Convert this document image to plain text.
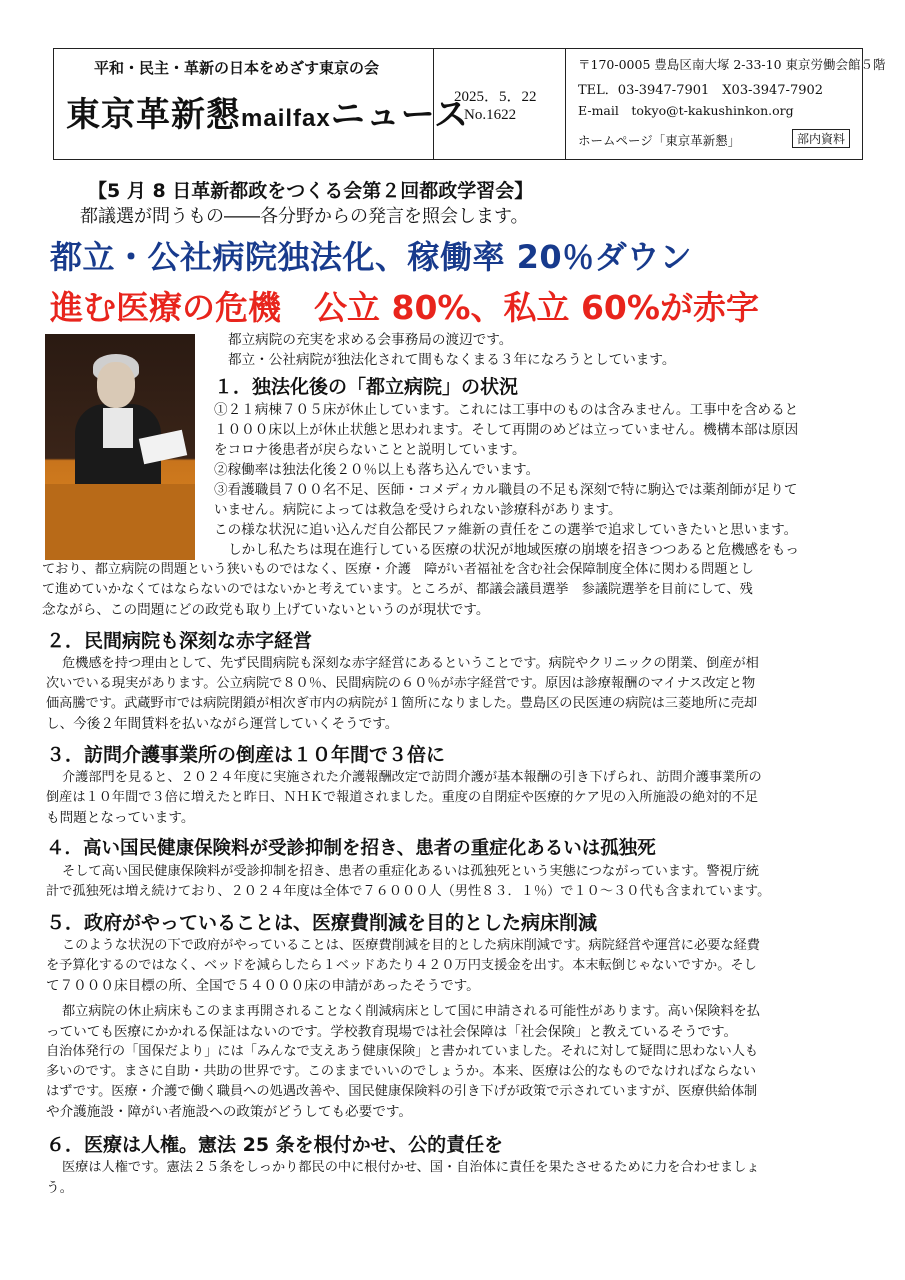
平和・民主・革新の日本をめざす東京の会
東京革新懇mailfaxニュース
2025．5．22
No.1622
〒170-0005 豊島区南大塚 2-33-10 東京労働会館５階
TEL．03-3947-7901　X03-3947-7902
E-mail　tokyo@t-kakushinkon.org
ホームページ「東京革新懇」	部内資料
【5 月 8 日革新都政をつくる会第２回都政学習会】
都議選が問うもの――各分野からの発言を照会します。
都立・公社病院独法化、稼働率 20％ダウン
進む医療の危機　公立 80%、私立 60%が赤字
都立病院の充実を求める会事務局の渡辺です。
都立・公社病院が独法化されて間もなくまる３年になろうとしています。
１．独法化後の「都立病院」の状況
①２１病棟７０５床が休止しています。これには工事中のものは含みません。工事中を含めると
１０００床以上が休止状態と思われます。そして再開のめどは立っていません。機構本部は原因
をコロナ後患者が戻らないことと説明しています。
②稼働率は独法化後２０％以上も落ち込んでいます。
③看護職員７００名不足、医師・コメディカル職員の不足も深刻で特に駒込では薬剤師が足りて
いません。病院によっては救急を受けられない診療科があります。
この様な状況に追い込んだ自公都民ファ維新の責任をこの選挙で追求していきたいと思います。
しかし私たちは現在進行している医療の状況が地域医療の崩壊を招きつつあると危機感をもっ
ており、都立病院の問題という狭いものではなく、医療・介護　障がい者福祉を含む社会保障制度全体に関わる問題とし
て進めていかなくてはならないのではないかと考えています。ところが、都議会議員選挙　参議院選挙を目前にして、残
念ながら、この問題にどの政党も取り上げていないというのが現状です。
２．民間病院も深刻な赤字経営
危機感を持つ理由として、先ず民間病院も深刻な赤字経営にあるということです。病院やクリニックの閉業、倒産が相
次いでいる現実があります。公立病院で８０％、民間病院の６０％が赤字経営です。原因は診療報酬のマイナス改定と物
価高騰です。武蔵野市では病院閉鎖が相次ぎ市内の病院が１箇所になりました。豊島区の民医連の病院は三菱地所に売却
し、今後２年間賃料を払いながら運営していくそうです。
３．訪問介護事業所の倒産は１０年間で３倍に
介護部門を見ると、２０２４年度に実施された介護報酬改定で訪問介護が基本報酬の引き下げられ、訪問介護事業所の
倒産は１０年間で３倍に増えたと昨日、ＮＨＫで報道されました。重度の自閉症や医療的ケア児の入所施設の絶対的不足
も問題となっています。
４．高い国民健康保険料が受診抑制を招き、患者の重症化あるいは孤独死
そして高い国民健康保険料が受診抑制を招き、患者の重症化あるいは孤独死という実態につながっています。警視庁統
計で孤独死は増え続けており、２０２４年度は全体で７６０００人（男性８３．１％）で１０～３０代も含まれています。
５．政府がやっていることは、医療費削減を目的とした病床削減
このような状況の下で政府がやっていることは、医療費削減を目的とした病床削減です。病院経営や運営に必要な経費
を予算化するのではなく、ベッドを減らしたら１ベッドあたり４２０万円支援金を出す。本末転倒じゃないですか。そし
て７０００床目標の所、全国で５４０００床の申請があったそうです。
都立病院の休止病床もこのまま再開されることなく削減病床として国に申請される可能性があります。高い保険料を払
っていても医療にかかれる保証はないのです。学校教育現場では社会保障は「社会保険」と教えているそうです。
自治体発行の「国保だより」には「みんなで支えあう健康保険」と書かれていました。それに対して疑問に思わない人も
多いのです。まさに自助・共助の世界です。このままでいいのでしょうか。本来、医療は公的なものでなければならない
はずです。医療・介護で働く職員への処遇改善や、国民健康保険料の引き下げが政策で示されていますが、医療供給体制
や介護施設・障がい者施設への政策がどうしても必要です。
６．医療は人権。憲法 25 条を根付かせ、公的責任を
医療は人権です。憲法２５条をしっかり都民の中に根付かせ、国・自治体に責任を果たさせるために力を合わせましょ
う。
